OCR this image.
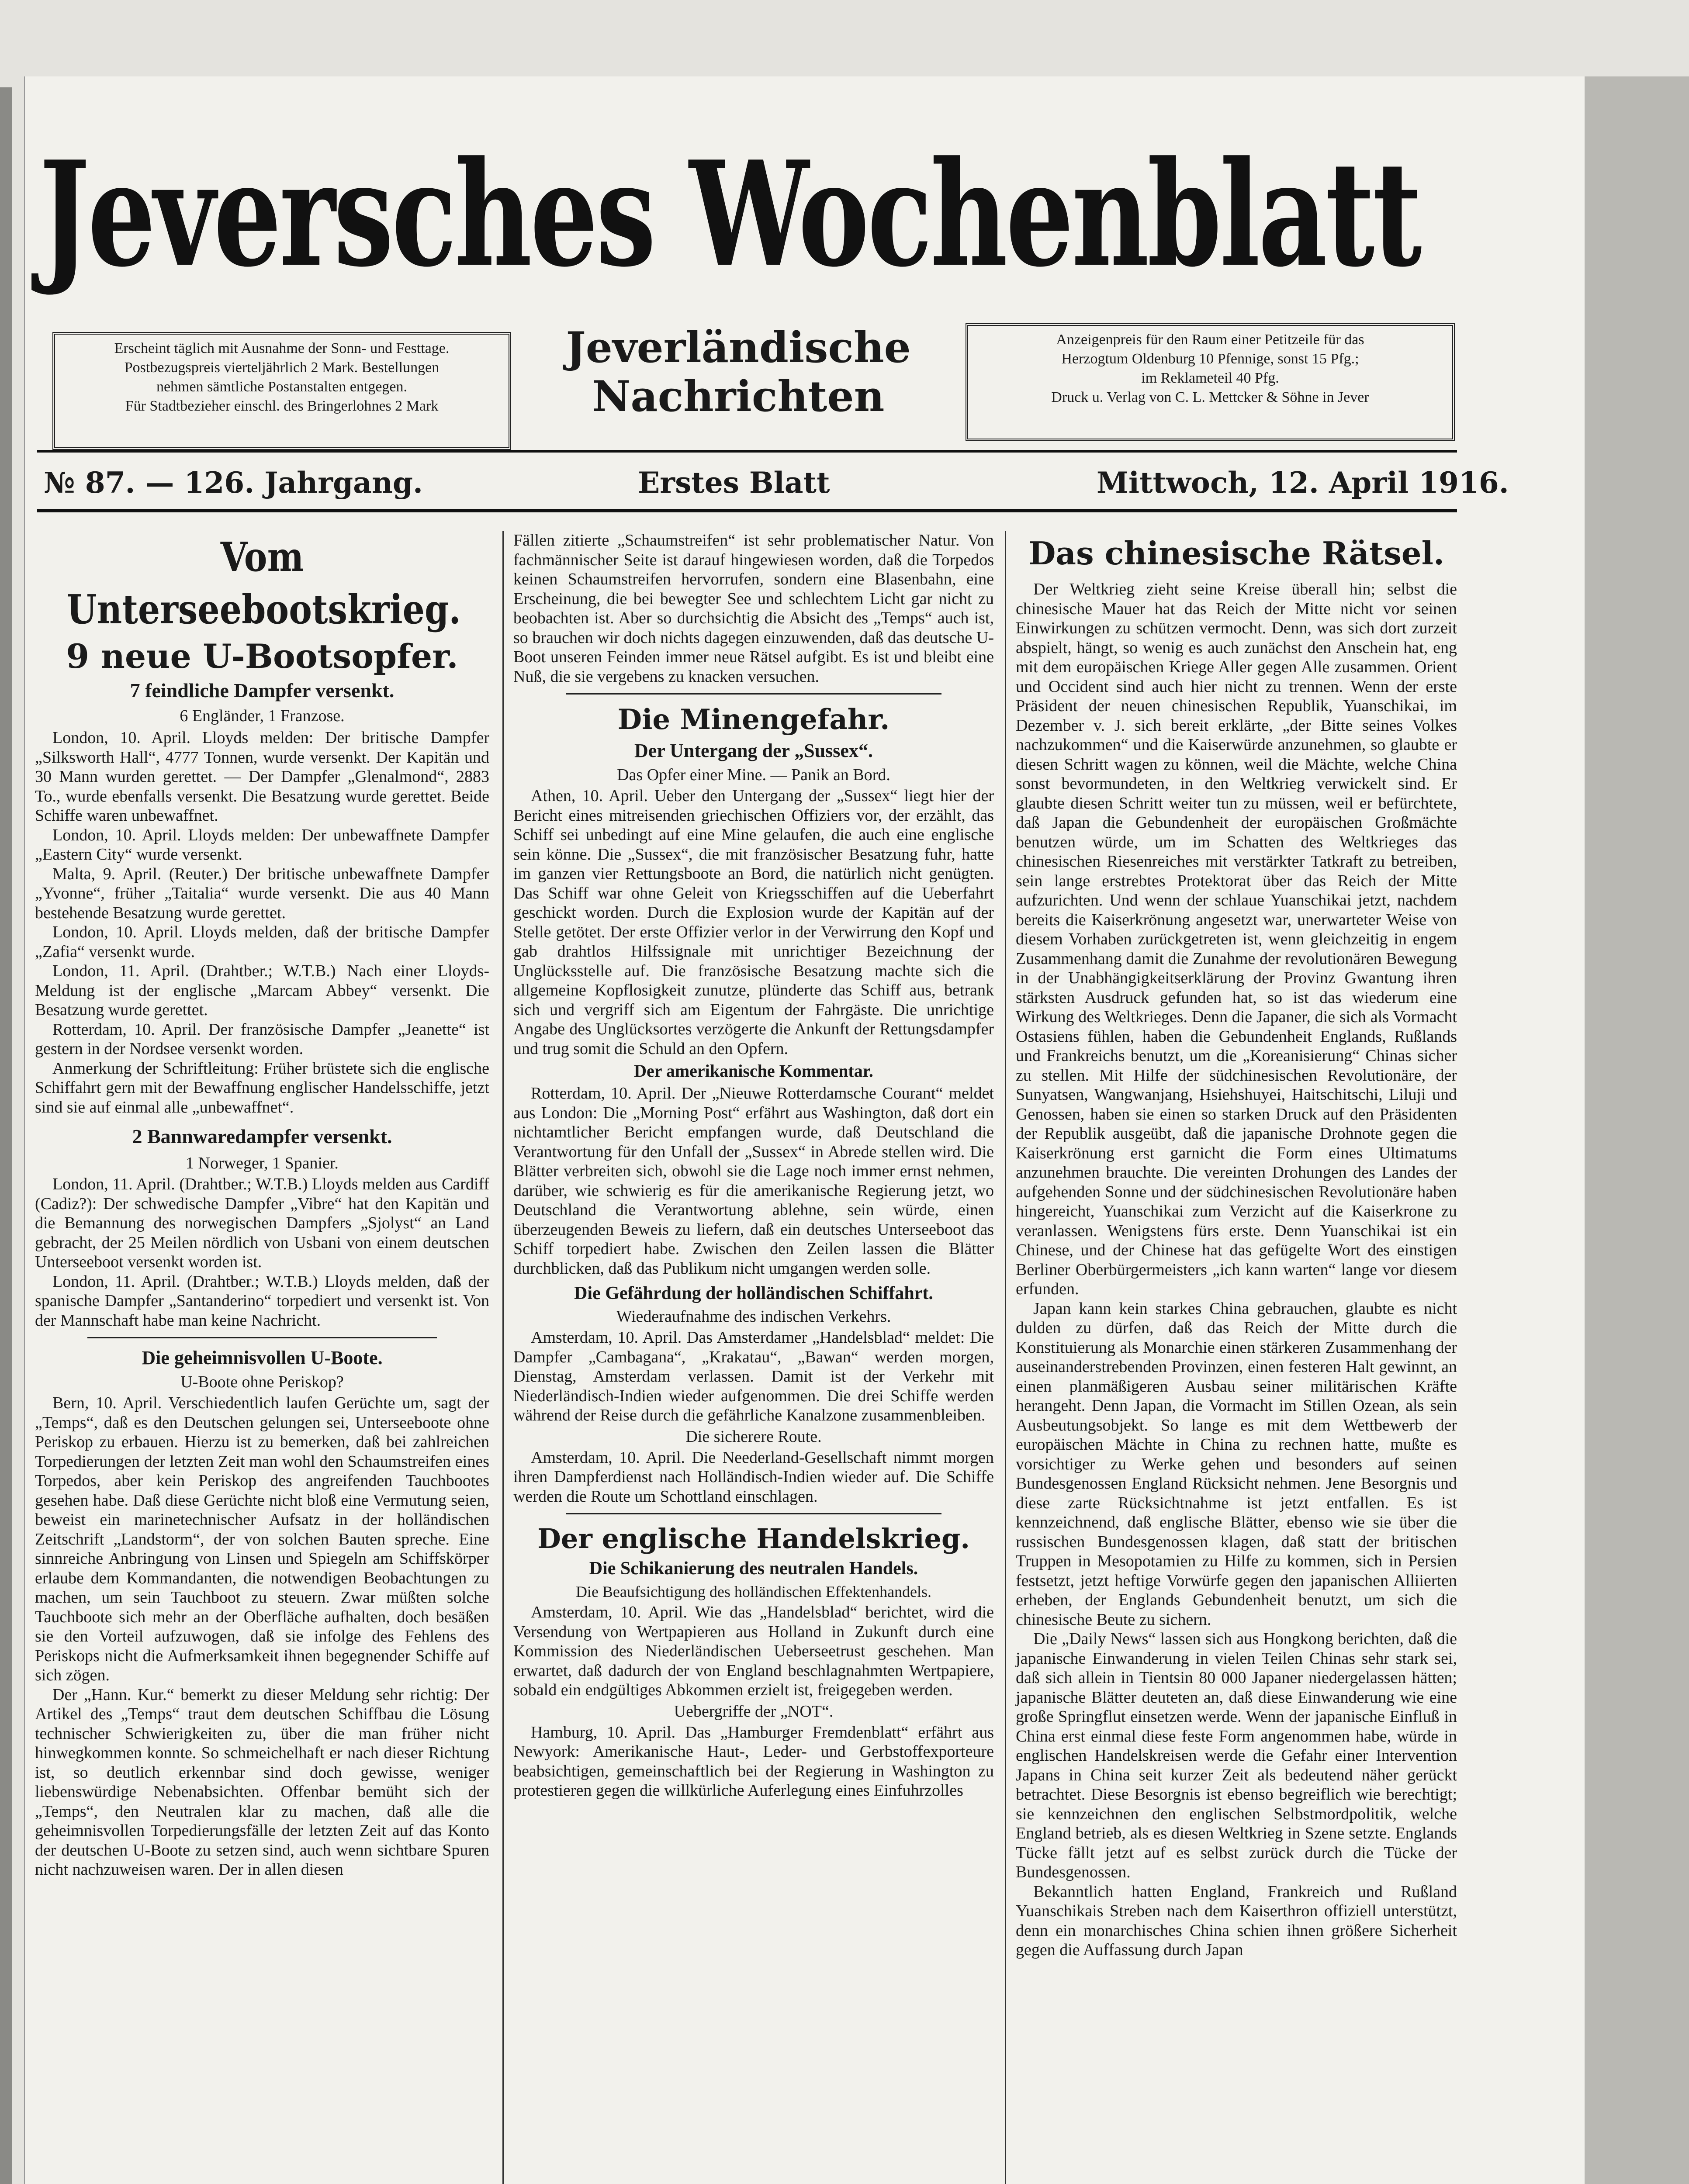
Jeversches Wochenblatt

Erscheint täglich mit Ausnahme der Sonn- und Festtage.

Postbezugspreis vierteljährlich 2 Mark. Bestellungen

nehmen sämtliche Postanstalten entgegen.

Für Stadtbezieher einschl. des Bringerlohnes 2 Mark

Jeverländische
Nachrichten

Anzeigenpreis für den Raum einer Petitzeile für das

Herzogtum Oldenburg 10 Pfennige, sonst 15 Pfg.;

im Reklameteil 40 Pfg.

Druck u. Verlag von C. L. Mettcker & Söhne in Jever

№ 87. — 126. Jahrgang.	Erstes Blatt	Mittwoch, 12. April 1916.
Vom Unterseebootskrieg.
9 neue U-Bootsopfer.
7 feindliche Dampfer versenkt.
6 Engländer, 1 Franzose.

London, 10. April. Lloyds melden: Der britische Dampfer „Silksworth Hall“, 4777 Tonnen, wurde versenkt. Der Kapitän und 30 Mann wurden gerettet. — Der Dampfer „Glenalmond“, 2883 To., wurde ebenfalls versenkt. Die Besatzung wurde gerettet. Beide Schiffe waren unbewaffnet.

London, 10. April. Lloyds melden: Der unbewaffnete Dampfer „Eastern City“ wurde versenkt.

Malta, 9. April. (Reuter.) Der britische unbewaffnete Dampfer „Yvonne“, früher „Taitalia“ wurde versenkt. Die aus 40 Mann bestehende Besatzung wurde gerettet.

London, 10. April. Lloyds melden, daß der britische Dampfer „Zafia“ versenkt wurde.

London, 11. April. (Drahtber.; W.T.B.) Nach einer Lloyds-Meldung ist der englische „Marcam Abbey“ versenkt. Die Besatzung wurde gerettet.

Rotterdam, 10. April. Der französische Dampfer „Jeanette“ ist gestern in der Nordsee versenkt worden.

Anmerkung der Schriftleitung: Früher brüstete sich die englische Schiffahrt gern mit der Bewaffnung englischer Handelsschiffe, jetzt sind sie auf einmal alle „unbewaffnet“.

2 Bannwaredampfer versenkt.
1 Norweger, 1 Spanier.

London, 11. April. (Drahtber.; W.T.B.) Lloyds melden aus Cardiff (Cadiz?): Der schwedische Dampfer „Vibre“ hat den Kapitän und die Bemannung des norwegischen Dampfers „Sjolyst“ an Land gebracht, der 25 Meilen nördlich von Usbani von einem deutschen Unterseeboot versenkt worden ist.

London, 11. April. (Drahtber.; W.T.B.) Lloyds melden, daß der spanische Dampfer „Santanderino“ torpediert und versenkt ist. Von der Mannschaft habe man keine Nachricht.

Die geheimnisvollen U-Boote.
U-Boote ohne Periskop?

Bern, 10. April. Verschiedentlich laufen Gerüchte um, sagt der „Temps“, daß es den Deutschen gelungen sei, Unterseeboote ohne Periskop zu erbauen. Hierzu ist zu bemerken, daß bei zahlreichen Torpedierungen der letzten Zeit man wohl den Schaumstreifen eines Torpedos, aber kein Periskop des angreifenden Tauchbootes gesehen habe. Daß diese Gerüchte nicht bloß eine Vermutung seien, beweist ein marinetechnischer Aufsatz in der holländischen Zeitschrift „Landstorm“, der von solchen Bauten spreche. Eine sinnreiche Anbringung von Linsen und Spiegeln am Schiffskörper erlaube dem Kommandanten, die notwendigen Beobachtungen zu machen, um sein Tauchboot zu steuern. Zwar müßten solche Tauchboote sich mehr an der Oberfläche aufhalten, doch besäßen sie den Vorteil aufzuwogen, daß sie infolge des Fehlens des Periskops nicht die Aufmerksamkeit ihnen begegnender Schiffe auf sich zögen.

Der „Hann. Kur.“ bemerkt zu dieser Meldung sehr richtig: Der Artikel des „Temps“ traut dem deutschen Schiffbau die Lösung technischer Schwierigkeiten zu, über die man früher nicht hinwegkommen konnte. So schmeichelhaft er nach dieser Richtung ist, so deutlich erkennbar sind doch gewisse, weniger liebenswürdige Nebenabsichten. Offenbar bemüht sich der „Temps“, den Neutralen klar zu machen, daß alle die geheimnisvollen Torpedierungsfälle der letzten Zeit auf das Konto der deutschen U-Boote zu setzen sind, auch wenn sichtbare Spuren nicht nachzuweisen waren. Der in allen diesen

Fällen zitierte „Schaumstreifen“ ist sehr problematischer Natur. Von fachmännischer Seite ist darauf hingewiesen worden, daß die Torpedos keinen Schaumstreifen hervorrufen, sondern eine Blasenbahn, eine Erscheinung, die bei bewegter See und schlechtem Licht gar nicht zu beobachten ist. Aber so durchsichtig die Absicht des „Temps“ auch ist, so brauchen wir doch nichts dagegen einzuwenden, daß das deutsche U-Boot unseren Feinden immer neue Rätsel aufgibt. Es ist und bleibt eine Nuß, die sie vergebens zu knacken versuchen.

Die Minengefahr.
Der Untergang der „Sussex“.
Das Opfer einer Mine. — Panik an Bord.

Athen, 10. April. Ueber den Untergang der „Sussex“ liegt hier der Bericht eines mitreisenden griechischen Offiziers vor, der erzählt, das Schiff sei unbedingt auf eine Mine gelaufen, die auch eine englische sein könne. Die „Sussex“, die mit französischer Besatzung fuhr, hatte im ganzen vier Rettungsboote an Bord, die natürlich nicht genügten. Das Schiff war ohne Geleit von Kriegsschiffen auf die Ueberfahrt geschickt worden. Durch die Explosion wurde der Kapitän auf der Stelle getötet. Der erste Offizier verlor in der Verwirrung den Kopf und gab drahtlos Hilfssignale mit unrichtiger Bezeichnung der Unglücksstelle auf. Die französische Besatzung machte sich die allgemeine Kopflosigkeit zunutze, plünderte das Schiff aus, betrank sich und vergriff sich am Eigentum der Fahrgäste. Die unrichtige Angabe des Unglücksortes verzögerte die Ankunft der Rettungsdampfer und trug somit die Schuld an den Opfern.

Der amerikanische Kommentar.

Rotterdam, 10. April. Der „Nieuwe Rotterdamsche Courant“ meldet aus London: Die „Morning Post“ erfährt aus Washington, daß dort ein nichtamtlicher Bericht empfangen wurde, daß Deutschland die Verantwortung für den Unfall der „Sussex“ in Abrede stellen wird. Die Blätter verbreiten sich, obwohl sie die Lage noch immer ernst nehmen, darüber, wie schwierig es für die amerikanische Regierung jetzt, wo Deutschland die Verantwortung ablehne, sein würde, einen überzeugenden Beweis zu liefern, daß ein deutsches Unterseeboot das Schiff torpediert habe. Zwischen den Zeilen lassen die Blätter durchblicken, daß das Publikum nicht umgangen werden solle.

Die Gefährdung der holländischen Schiffahrt.
Wiederaufnahme des indischen Verkehrs.

Amsterdam, 10. April. Das Amsterdamer „Handelsblad“ meldet: Die Dampfer „Cambagana“, „Krakatau“, „Bawan“ werden morgen, Dienstag, Amsterdam verlassen. Damit ist der Verkehr mit Niederländisch-Indien wieder aufgenommen. Die drei Schiffe werden während der Reise durch die gefährliche Kanalzone zusammenbleiben.

Die sicherere Route.

Amsterdam, 10. April. Die Neederland-Gesellschaft nimmt morgen ihren Dampferdienst nach Holländisch-Indien wieder auf. Die Schiffe werden die Route um Schottland einschlagen.

Der englische Handelskrieg.
Die Schikanierung des neutralen Handels.
Die Beaufsichtigung des holländischen Effektenhandels.

Amsterdam, 10. April. Wie das „Handelsblad“ berichtet, wird die Versendung von Wertpapieren aus Holland in Zukunft durch eine Kommission des Niederländischen Ueberseetrust geschehen. Man erwartet, daß dadurch der von England beschlagnahmten Wertpapiere, sobald ein endgültiges Abkommen erzielt ist, freigegeben werden.

Uebergriffe der „NOT“.

Hamburg, 10. April. Das „Hamburger Fremdenblatt“ erfährt aus Newyork: Amerikanische Haut-, Leder- und Gerbstoffexporteure beabsichtigen, gemeinschaftlich bei der Regierung in Washington zu protestieren gegen die willkürliche Auferlegung eines Einfuhrzolles

Das chinesische Rätsel.

Der Weltkrieg zieht seine Kreise überall hin; selbst die chinesische Mauer hat das Reich der Mitte nicht vor seinen Einwirkungen zu schützen vermocht. Denn, was sich dort zurzeit abspielt, hängt, so wenig es auch zunächst den Anschein hat, eng mit dem europäischen Kriege Aller gegen Alle zusammen. Orient und Occident sind auch hier nicht zu trennen. Wenn der erste Präsident der neuen chinesischen Republik, Yuanschikai, im Dezember v. J. sich bereit erklärte, „der Bitte seines Volkes nachzukommen“ und die Kaiserwürde anzunehmen, so glaubte er diesen Schritt wagen zu können, weil die Mächte, welche China sonst bevormundeten, in den Weltkrieg verwickelt sind. Er glaubte diesen Schritt weiter tun zu müssen, weil er befürchtete, daß Japan die Gebundenheit der europäischen Großmächte benutzen würde, um im Schatten des Weltkrieges das chinesischen Riesenreiches mit verstärkter Tatkraft zu betreiben, sein lange erstrebtes Protektorat über das Reich der Mitte aufzurichten. Und wenn der schlaue Yuanschikai jetzt, nachdem bereits die Kaiserkrönung angesetzt war, unerwarteter Weise von diesem Vorhaben zurückgetreten ist, wenn gleichzeitig in engem Zusammenhang damit die Zunahme der revolutionären Bewegung in der Unabhängigkeitserklärung der Provinz Gwantung ihren stärksten Ausdruck gefunden hat, so ist das wiederum eine Wirkung des Weltkrieges. Denn die Japaner, die sich als Vormacht Ostasiens fühlen, haben die Gebundenheit Englands, Rußlands und Frankreichs benutzt, um die „Koreanisierung“ Chinas sicher zu stellen. Mit Hilfe der südchinesischen Revolutionäre, der Sunyatsen, Wangwanjang, Hsiehshuyei, Haitschitschi, Liluji und Genossen, haben sie einen so starken Druck auf den Präsidenten der Republik ausgeübt, daß die japanische Drohnote gegen die Kaiserkrönung erst garnicht die Form eines Ultimatums anzunehmen brauchte. Die vereinten Drohungen des Landes der aufgehenden Sonne und der südchinesischen Revolutionäre haben hingereicht, Yuanschikai zum Verzicht auf die Kaiserkrone zu veranlassen. Wenigstens fürs erste. Denn Yuanschikai ist ein Chinese, und der Chinese hat das gefügelte Wort des einstigen Berliner Oberbürgermeisters „ich kann warten“ lange vor diesem erfunden.

Japan kann kein starkes China gebrauchen, glaubte es nicht dulden zu dürfen, daß das Reich der Mitte durch die Konstituierung als Monarchie einen stärkeren Zusammenhang der auseinanderstrebenden Provinzen, einen festeren Halt gewinnt, an einen planmäßigeren Ausbau seiner militärischen Kräfte herangeht. Denn Japan, die Vormacht im Stillen Ozean, als sein Ausbeutungsobjekt. So lange es mit dem Wettbewerb der europäischen Mächte in China zu rechnen hatte, mußte es vorsichtiger zu Werke gehen und besonders auf seinen Bundesgenossen England Rücksicht nehmen. Jene Besorgnis und diese zarte Rücksichtnahme ist jetzt entfallen. Es ist kennzeichnend, daß englische Blätter, ebenso wie sie über die russischen Bundesgenossen klagen, daß statt der britischen Truppen in Mesopotamien zu Hilfe zu kommen, sich in Persien festsetzt, jetzt heftige Vorwürfe gegen den japanischen Alliierten erheben, der Englands Gebundenheit benutzt, um sich die chinesische Beute zu sichern.

Die „Daily News“ lassen sich aus Hongkong berichten, daß die japanische Einwanderung in vielen Teilen Chinas sehr stark sei, daß sich allein in Tientsin 80 000 Japaner niedergelassen hätten; japanische Blätter deuteten an, daß diese Einwanderung wie eine große Springflut einsetzen werde. Wenn der japanische Einfluß in China erst einmal diese feste Form angenommen habe, würde in englischen Handelskreisen werde die Gefahr einer Intervention Japans in China seit kurzer Zeit als bedeutend näher gerückt betrachtet. Diese Besorgnis ist ebenso begreiflich wie berechtigt; sie kennzeichnen den englischen Selbstmordpolitik, welche England betrieb, als es diesen Weltkrieg in Szene setzte. Englands Tücke fällt jetzt auf es selbst zurück durch die Tücke der Bundesgenossen.

Bekanntlich hatten England, Frankreich und Rußland Yuanschikais Streben nach dem Kaiserthron offiziell unterstützt, denn ein monarchisches China schien ihnen größere Sicherheit gegen die Auffassung durch Japan
